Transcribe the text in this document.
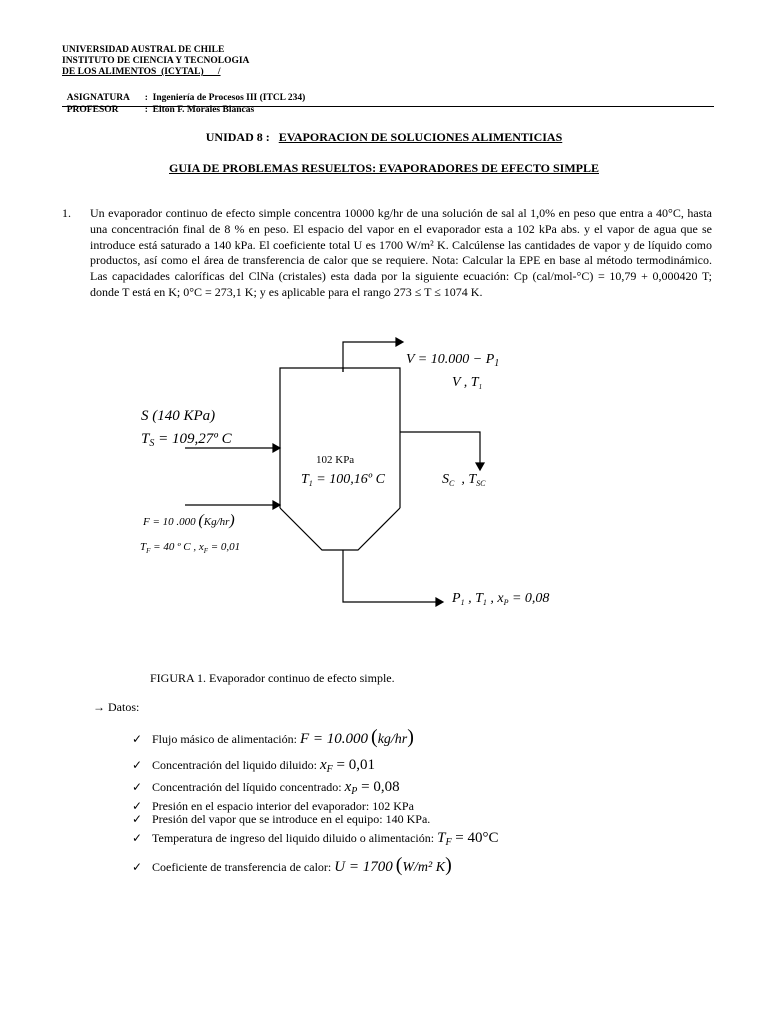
UNIVERSIDAD AUSTRAL DE CHILE
INSTITUTO DE CIENCIA Y TECNOLOGIA
DE LOS ALIMENTOS  (ICYTAL)      /

ASIGNATURA :  Ingeniería de Procesos III (ITCL 234)

PROFESOR	:  Elton F. Morales Blancas

UNIDAD 8 : EVAPORACION DE SOLUCIONES ALIMENTICIAS
GUIA DE PROBLEMAS RESUELTOS: EVAPORADORES DE EFECTO SIMPLE
1. Un evaporador continuo de efecto simple concentra 10000 kg/hr de una solución de sal al 1,0% en peso que entra a 40°C, hasta una concentración final de 8 % en peso. El espacio del vapor en el evaporador esta a 102 kPa abs. y el vapor de agua que se introduce está saturado a 140 kPa. El coeficiente total U es 1700 W/m² K. Calcúlense las cantidades de vapor y de líquido como productos, así como el área de transferencia de calor que se requiere. Nota: Calcular la EPE en base al método termodinámico. Las capacidades caloríficas del ClNa (cristales) esta dada por la siguiente ecuación: Cp (cal/mol-°C) = 10,79 + 0,000420 T; donde T está en K; 0°C = 273,1 K; y es aplicable para el rango 273 ≤ T ≤ 1074 K.
$V = 10.000 - P_1$
V , $T_1$
S (140 KPa)
$T_S$ = 109,27º C
102 KPa
$T_1$ = 100,16º C	$S_C$ , $T_{SC}$
F = 10 .000 (Kg/hr)
$T_F = 40$ º C , $x_F = 0,01$
$P_1$ , $T_1$ , $x_P = 0,08$
FIGURA 1. Evaporador continuo de efecto simple.
→ Datos:
✓ Flujo másico de alimentación: F = 10.000 (kg/hr)
✓ Concentración del liquido diluido: $x_F = 0,01$
✓ Concentración del líquido concentrado: $x_P = 0,08$
✓ Presión en el espacio interior del evaporador: 102 KPa
✓ Presión del vapor que se introduce en el equipo: 140 KPa.
✓ Temperatura de ingreso del liquido diluido o alimentación: $T_F = 40^\circ C$
✓ Coeficiente de transferencia de calor: U = 1700 (W/m² K)
